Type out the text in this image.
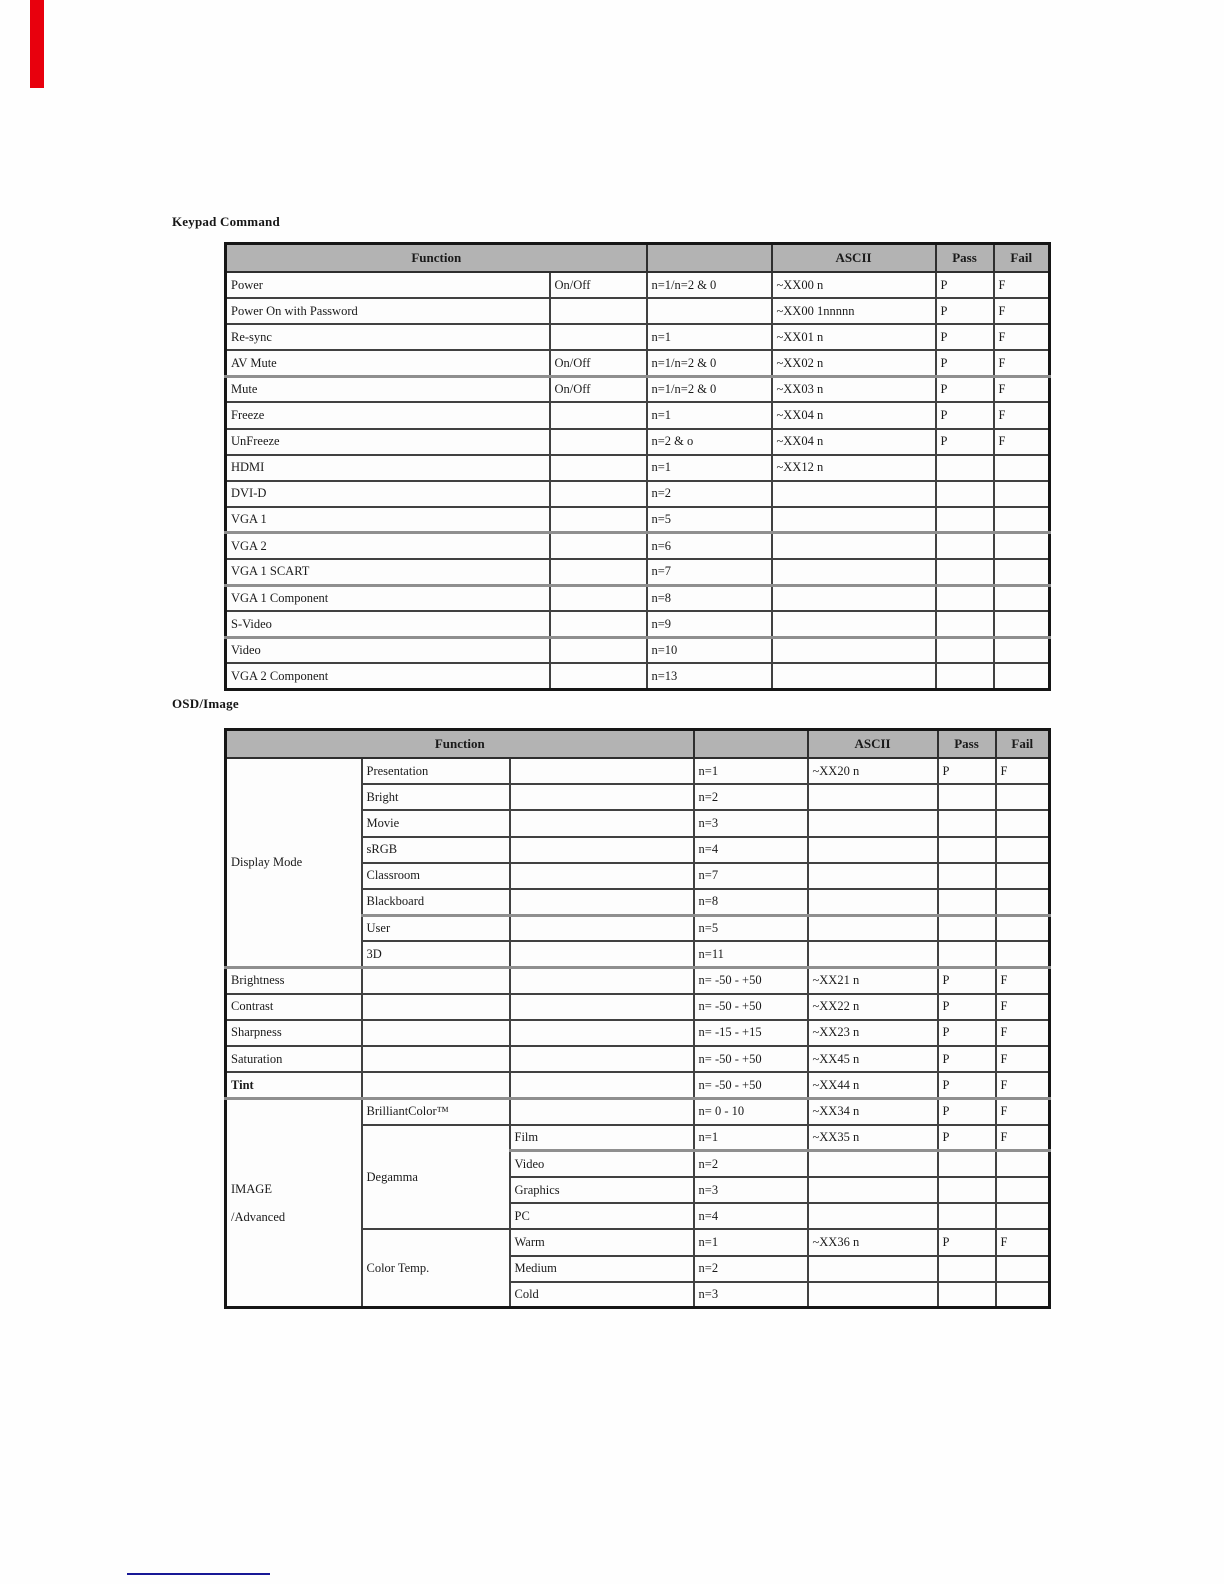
Keypad Command
Function			ASCII	Pass	Fail
Power	On/Off	n=1/n=2 & 0	~XX00 n	P	F
Power On with Password			~XX00 1nnnnn	P	F
Re-sync		n=1	~XX01 n	P	F
AV Mute	On/Off	n=1/n=2 & 0	~XX02 n	P	F
Mute	On/Off	n=1/n=2 & 0	~XX03 n	P	F
Freeze		n=1	~XX04 n	P	F
UnFreeze		n=2 & o	~XX04 n	P	F
HDMI		n=1	~XX12 n		
DVI-D		n=2			
VGA 1		n=5			
VGA 2		n=6			
VGA 1 SCART		n=7			
VGA 1 Component		n=8			
S-Video		n=9			
Video		n=10			
VGA 2 Component		n=13			
OSD/Image
Function				ASCII	Pass	Fail
Display Mode	Presentation		n=1	~XX20 n	P	F
	Bright		n=2			
	Movie		n=3			
	sRGB		n=4			
	Classroom		n=7			
	Blackboard		n=8			
	User		n=5			
	3D		n=11			
Brightness			n= -50 - +50	~XX21 n	P	F
Contrast			n= -50 - +50	~XX22 n	P	F
Sharpness			n= -15 - +15	~XX23 n	P	F
Saturation			n= -50 - +50	~XX45 n	P	F
Tint			n= -50 - +50	~XX44 n	P	F

IMAGE
/Advanced	BrilliantColor™		n= 0 - 10	~XX34 n	P	F
	Degamma	Film	n=1	~XX35 n	P	F
		Video	n=2			
		Graphics	n=3			
		PC	n=4			
	Color Temp.	Warm	n=1	~XX36 n	P	F
		Medium	n=2			
		Cold	n=3			
